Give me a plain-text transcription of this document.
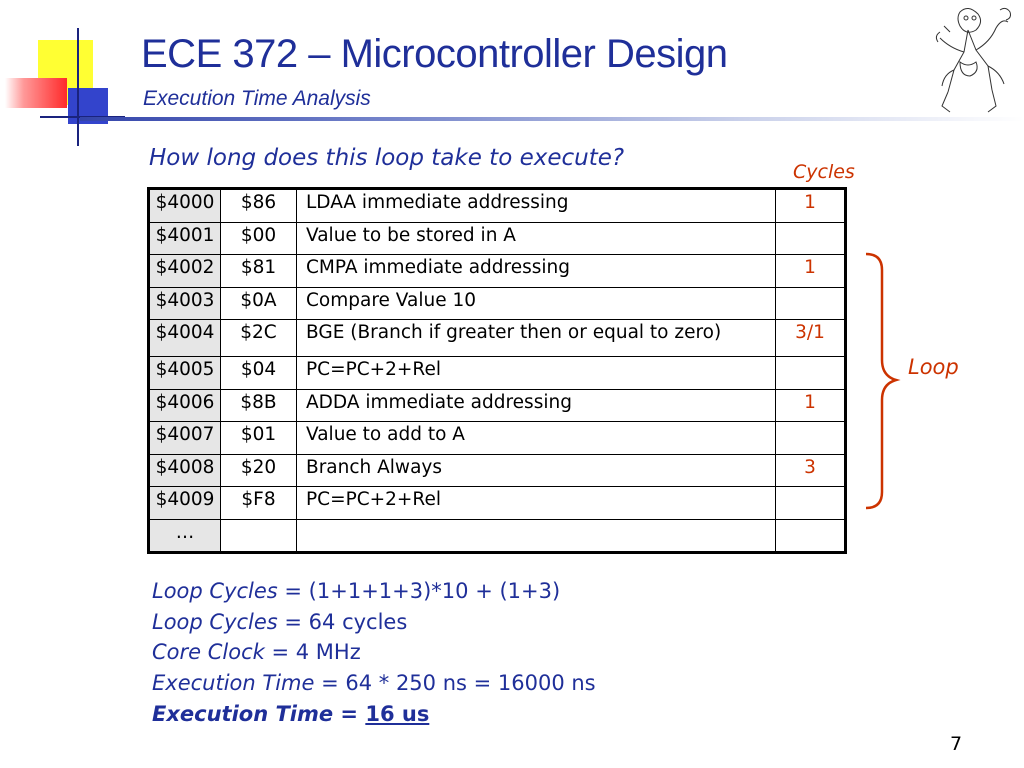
ECE 372 – Microcontroller Design
Execution Time Analysis
How long does this loop take to execute?
Cycles
$4000	$86	LDAA immediate addressing	1
$4001	$00	Value to be stored in A	
$4002	$81	CMPA immediate addressing	1
$4003	$0A	Compare Value 10	
$4004	$2C	BGE (Branch if greater then or equal to zero)	3/1
$4005	$04	PC=PC+2+Rel	
$4006	$8B	ADDA immediate addressing	1
$4007	$01	Value to add to A	
$4008	$20	Branch Always	3
$4009	$F8	PC=PC+2+Rel	
…			
Loop
Loop Cycles = (1+1+1+3)*10 + (1+3)
Loop Cycles = 64 cycles
Core Clock = 4 MHz
Execution Time = 64 * 250 ns = 16000 ns
Execution Time = 16 us
7
